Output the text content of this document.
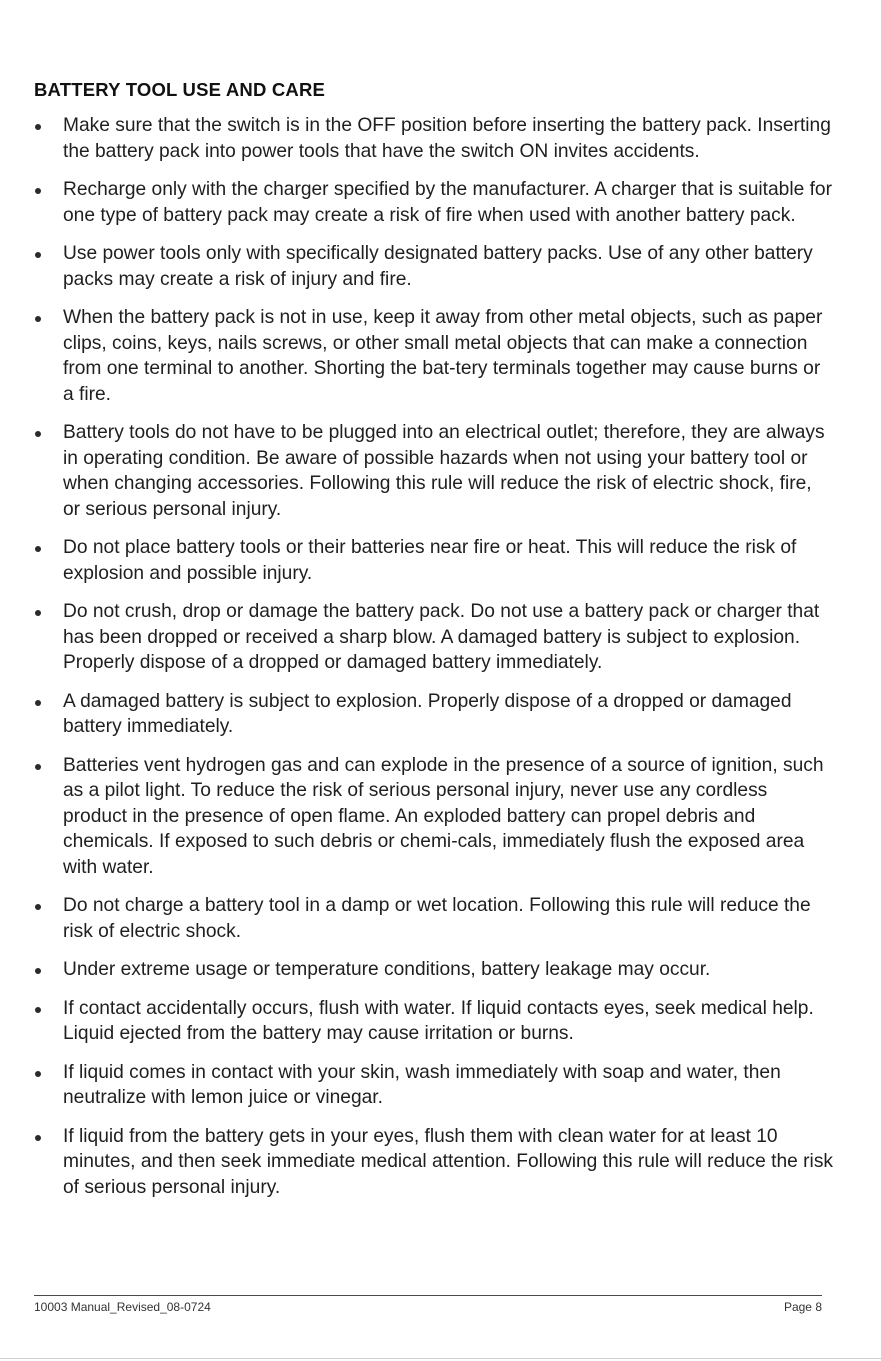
BATTERY TOOL USE AND CARE
Make sure that the switch is in the OFF position before inserting the battery pack. Inserting the battery pack into power tools that have the switch ON invites accidents.
Recharge only with the charger specified by the manufacturer. A charger that is suitable for one type of battery pack may create a risk of fire when used with another battery pack.
Use power tools only with specifically designated battery packs. Use of any other battery packs may create a risk of injury and fire.
When the battery pack is not in use, keep it away from other metal objects, such as paper clips, coins, keys, nails screws, or other small metal objects that can make a connection from one terminal to another. Shorting the bat-tery terminals together may cause burns or a fire.
Battery tools do not have to be plugged into an electrical outlet; therefore, they are always in operating condition. Be aware of possible hazards when not using your battery tool or when changing accessories. Following this rule will reduce the risk of electric shock, fire, or serious personal injury.
Do not place battery tools or their batteries near fire or heat. This will reduce the risk of explosion and possible injury.
Do not crush, drop or damage the battery pack. Do not use a battery pack or charger that has been dropped or received a sharp blow. A damaged battery is subject to explosion. Properly dispose of a dropped or damaged battery immediately.
A damaged battery is subject to explosion. Properly dispose of a dropped or damaged battery immediately.
Batteries vent hydrogen gas and can explode in the presence of a source of ignition, such as a pilot light. To reduce the risk of serious personal injury, never use any cordless product in the presence of open flame. An exploded battery can propel debris and chemicals. If exposed to such debris or chemi-cals, immediately flush the exposed area with water.
Do not charge a battery tool in a damp or wet location. Following this rule will reduce the risk of electric shock.
Under extreme usage or temperature conditions, battery leakage may occur.
If contact accidentally occurs, flush with water. If liquid contacts eyes, seek medical help. Liquid ejected from the battery may cause irritation or burns.
If liquid comes in contact with your skin, wash immediately with soap and water, then neutralize with lemon juice or vinegar.
If liquid from the battery gets in your eyes, flush them with clean water for at least 10 minutes, and then seek immediate medical attention. Following this rule will reduce the risk of serious personal injury.
10003 Manual_Revised_08-0724	Page 8
